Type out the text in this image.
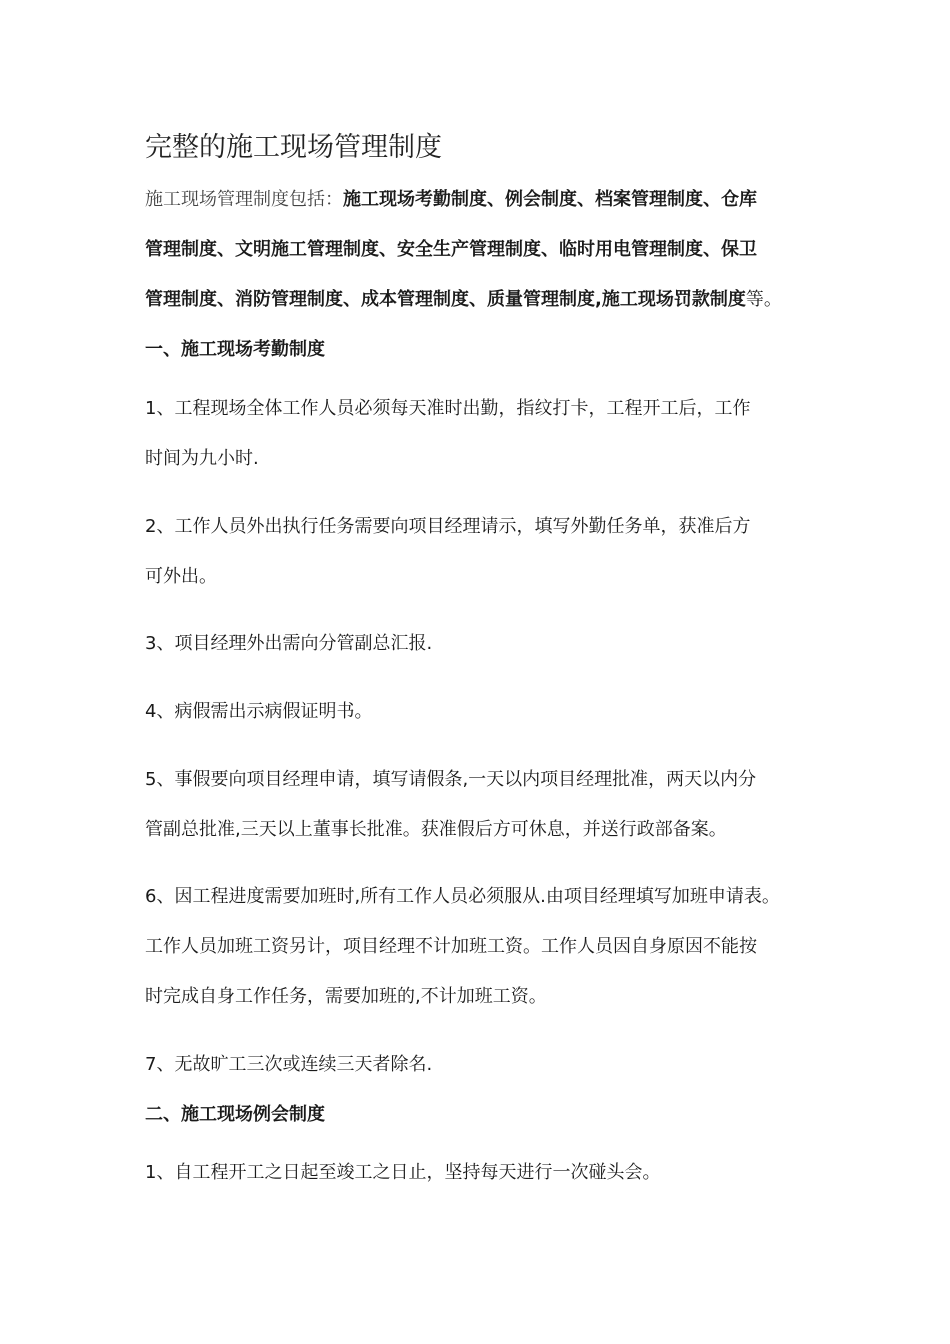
完整的施工现场管理制度

施工现场管理制度包括：施工现场考勤制度、例会制度、档案管理制度、仓库

管理制度、文明施工管理制度、安全生产管理制度、临时用电管理制度、保卫

管理制度、消防管理制度、成本管理制度、质量管理制度,施工现场罚款制度等。

一、施工现场考勤制度

1、工程现场全体工作人员必须每天准时出勤，指纹打卡，工程开工后，工作

时间为九小时.

2、工作人员外出执行任务需要向项目经理请示，填写外勤任务单，获准后方

可外出。

3、项目经理外出需向分管副总汇报.

4、病假需出示病假证明书。

5、事假要向项目经理申请，填写请假条,一天以内项目经理批准，两天以内分

管副总批准,三天以上董事长批准。获准假后方可休息，并送行政部备案。

6、因工程进度需要加班时,所有工作人员必须服从.由项目经理填写加班申请表。

工作人员加班工资另计，项目经理不计加班工资。工作人员因自身原因不能按

时完成自身工作任务，需要加班的,不计加班工资。

7、无故旷工三次或连续三天者除名.

二、施工现场例会制度

1、自工程开工之日起至竣工之日止，坚持每天进行一次碰头会。
